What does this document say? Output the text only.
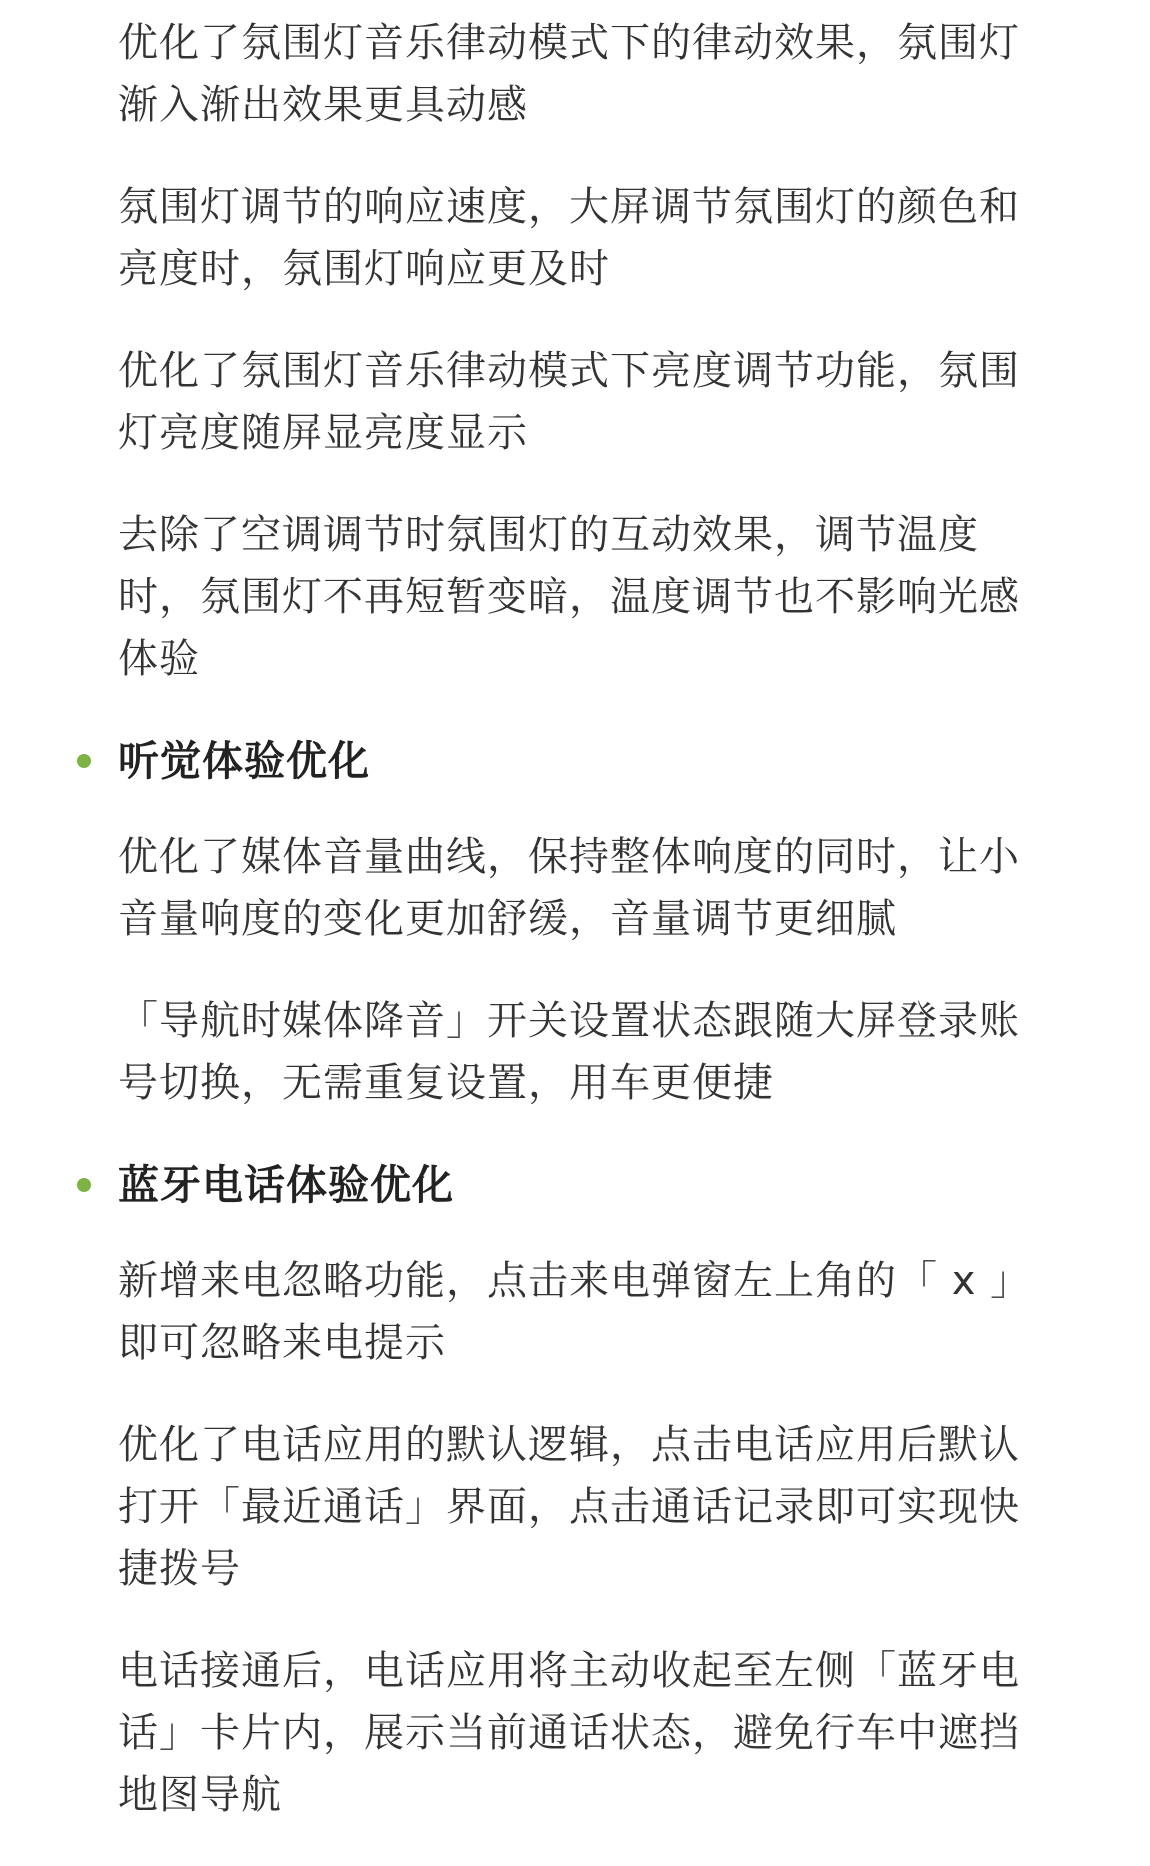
优化了氛围灯音乐律动模式下的律动效果，氛围灯渐入渐出效果更具动感

氛围灯调节的响应速度，大屏调节氛围灯的颜色和亮度时，氛围灯响应更及时

优化了氛围灯音乐律动模式下亮度调节功能，氛围灯亮度随屏显亮度显示

去除了空调调节时氛围灯的互动效果，调节温度时，氛围灯不再短暂变暗，温度调节也不影响光感体验

听觉体验优化

优化了媒体音量曲线，保持整体响度的同时，让小音量响度的变化更加舒缓，音量调节更细腻

「导航时媒体降音」开关设置状态跟随大屏登录账号切换，无需重复设置，用车更便捷

蓝牙电话体验优化

新增来电忽略功能，点击来电弹窗左上角的「 x 」即可忽略来电提示

优化了电话应用的默认逻辑，点击电话应用后默认打开「最近通话」界面，点击通话记录即可实现快捷拨号

电话接通后，电话应用将主动收起至左侧「蓝牙电话」卡片内，展示当前通话状态，避免行车中遮挡地图导航
